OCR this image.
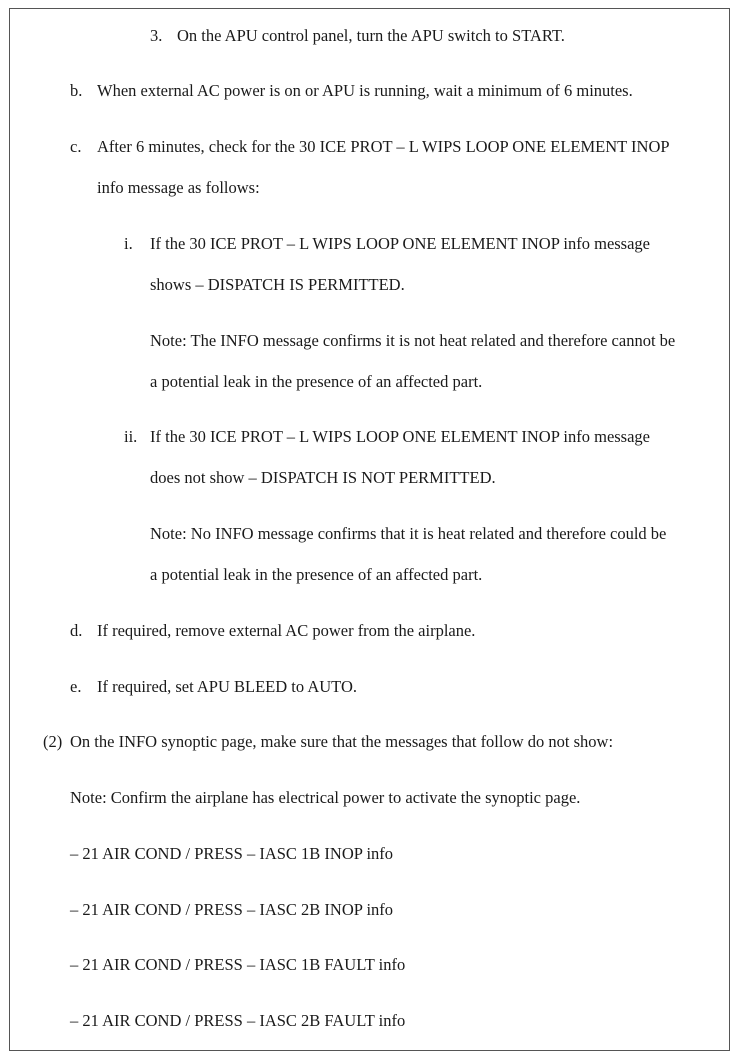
3. On the APU control panel, turn the APU switch to START.
b. When external AC power is on or APU is running, wait a minimum of 6 minutes.
c. After 6 minutes, check for the 30 ICE PROT – L WIPS LOOP ONE ELEMENT INOP
info message as follows:
i. If the 30 ICE PROT – L WIPS LOOP ONE ELEMENT INOP info message
shows – DISPATCH IS PERMITTED.
Note: The INFO message confirms it is not heat related and therefore cannot be
a potential leak in the presence of an affected part.
ii. If the 30 ICE PROT – L WIPS LOOP ONE ELEMENT INOP info message
does not show – DISPATCH IS NOT PERMITTED.
Note: No INFO message confirms that it is heat related and therefore could be
a potential leak in the presence of an affected part.
d. If required, remove external AC power from the airplane.
e. If required, set APU BLEED to AUTO.
(2) On the INFO synoptic page, make sure that the messages that follow do not show:
Note: Confirm the airplane has electrical power to activate the synoptic page.
– 21 AIR COND / PRESS – IASC 1B INOP info
– 21 AIR COND / PRESS – IASC 2B INOP info
– 21 AIR COND / PRESS – IASC 1B FAULT info
– 21 AIR COND / PRESS – IASC 2B FAULT info
